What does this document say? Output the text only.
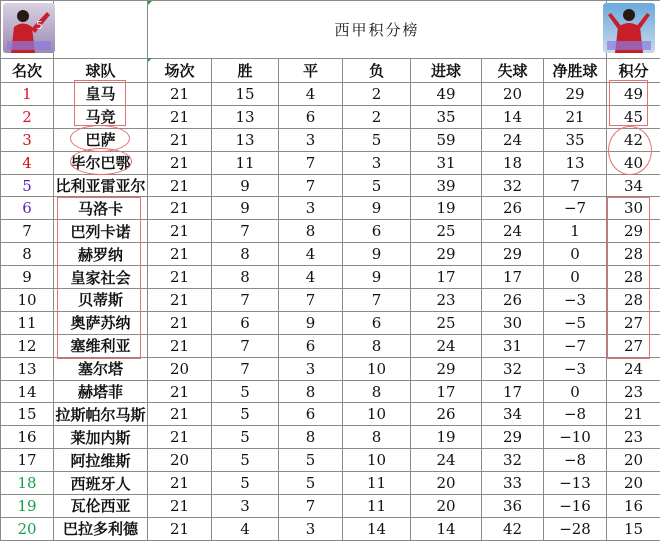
		西甲积分榜							
名次	球队	场次	胜	平	负	进球	失球	净胜球	积分
1	皇马	21	15	4	2	49	20	29	49
2	马竞	21	13	6	2	35	14	21	45
3	巴萨	21	13	3	5	59	24	35	42
4	毕尔巴鄂	21	11	7	3	31	18	13	40
5	比利亚雷亚尔	21	9	7	5	39	32	7	34
6	马洛卡	21	9	3	9	19	26	−7	30
7	巴列卡诺	21	7	8	6	25	24	1	29
8	赫罗纳	21	8	4	9	29	29	0	28
9	皇家社会	21	8	4	9	17	17	0	28
10	贝蒂斯	21	7	7	7	23	26	−3	28
11	奥萨苏纳	21	6	9	6	25	30	−5	27
12	塞维利亚	21	7	6	8	24	31	−7	27
13	塞尔塔	20	7	3	10	29	32	−3	24
14	赫塔菲	21	5	8	8	17	17	0	23
15	拉斯帕尔马斯	21	5	6	10	26	34	−8	21
16	莱加内斯	21	5	8	8	19	29	−10	23
17	阿拉维斯	20	5	5	10	24	32	−8	20
18	西班牙人	21	5	5	11	20	33	−13	20
19	瓦伦西亚	21	3	7	11	20	36	−16	16
20	巴拉多利德	21	4	3	14	14	42	−28	15
5
